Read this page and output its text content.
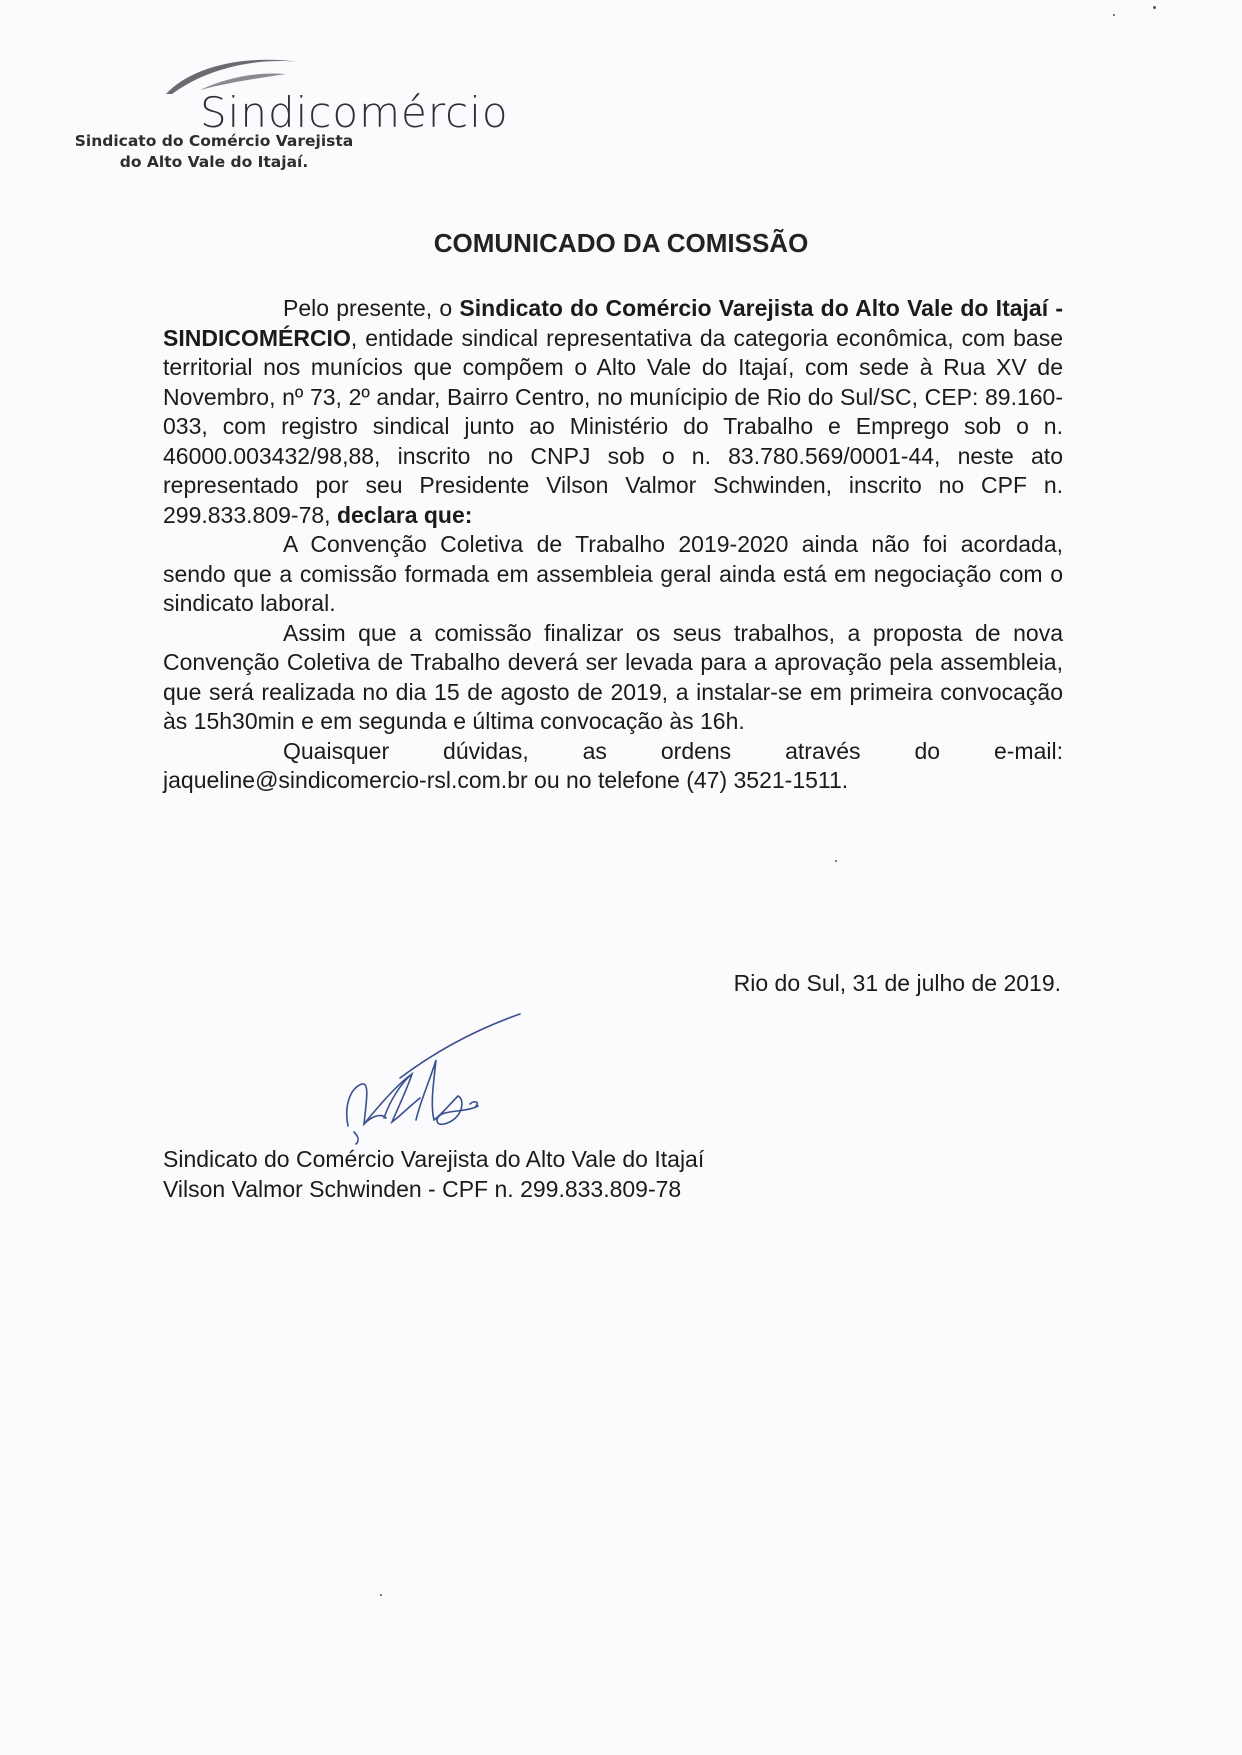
Sindicomércio
Sindicato do Comércio Varejista
do Alto Vale do Itajaí.
COMUNICADO DA COMISSÃO

Pelo presente, o Sindicato do Comércio Varejista do Alto Vale do Itajaí - SINDICOMÉRCIO, entidade sindical representativa da categoria econômica, com base territorial nos munícios que compõem o Alto Vale do Itajaí, com sede à Rua XV de Novembro, nº 73, 2º andar, Bairro Centro, no munícipio de Rio do Sul/SC, CEP: 89.160-033, com registro sindical junto ao Ministério do Trabalho e Emprego sob o n. 46000.003432/98,88, inscrito no CNPJ sob o n. 83.780.569/0001-44, neste ato representado por seu Presidente Vilson Valmor Schwinden, inscrito no CPF n. 299.833.809-78, declara que:

A Convenção Coletiva de Trabalho 2019-2020 ainda não foi acordada, sendo que a comissão formada em assembleia geral ainda está em negociação com o sindicato laboral.

Assim que a comissão finalizar os seus trabalhos, a proposta de nova Convenção Coletiva de Trabalho deverá ser levada para a aprovação pela assembleia, que será realizada no dia 15 de agosto de 2019, a instalar-se em primeira convocação às 15h30min e em segunda e última convocação às 16h.

Quaisquer dúvidas, as ordens através do e-mail:

jaqueline@sindicomercio-rsl.com.br ou no telefone (47) 3521-1511.

Rio do Sul, 31 de julho de 2019.
Sindicato do Comércio Varejista do Alto Vale do Itajaí
Vilson Valmor Schwinden - CPF n. 299.833.809-78
